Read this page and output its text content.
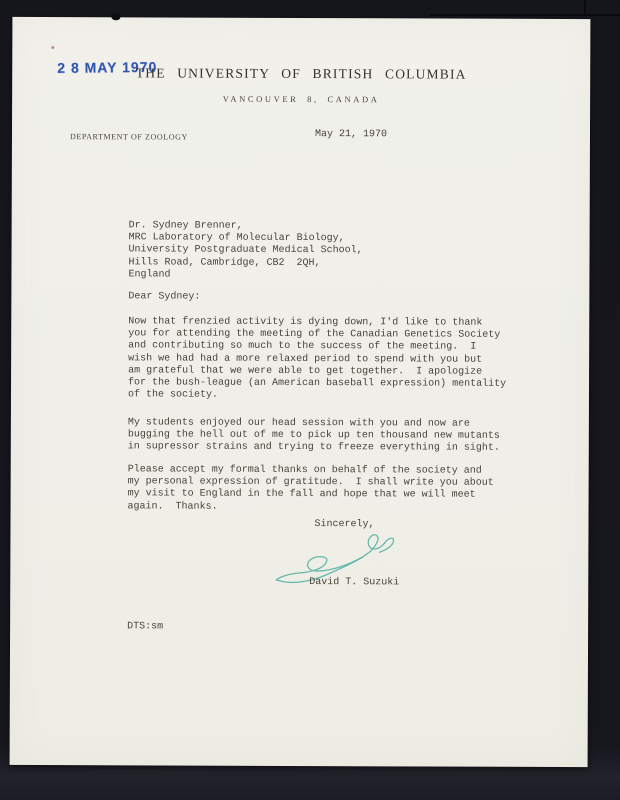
2 8 MAY 1970
THE UNIVERSITY OF BRITISH COLUMBIA
VANCOUVER 8, CANADA
DEPARTMENT OF ZOOLOGY	May 21, 1970
Dr. Sydney Brenner,
MRC Laboratory of Molecular Biology,
University Postgraduate Medical School,
Hills Road, Cambridge, CB2  2QH,
England
Dear Sydney:
Now that frenzied activity is dying down, I'd like to thank
you for attending the meeting of the Canadian Genetics Society
and contributing so much to the success of the meeting.  I
wish we had had a more relaxed period to spend with you but
am grateful that we were able to get together.  I apologize
for the bush-league (an American baseball expression) mentality
of the society.
My students enjoyed our head session with you and now are
bugging the hell out of me to pick up ten thousand new mutants
in supressor strains and trying to freeze everything in sight.
Please accept my formal thanks on behalf of the society and
my personal expression of gratitude.  I shall write you about
my visit to England in the fall and hope that we will meet
again.  Thanks.
Sincerely,
David T. Suzuki
DTS:sm
